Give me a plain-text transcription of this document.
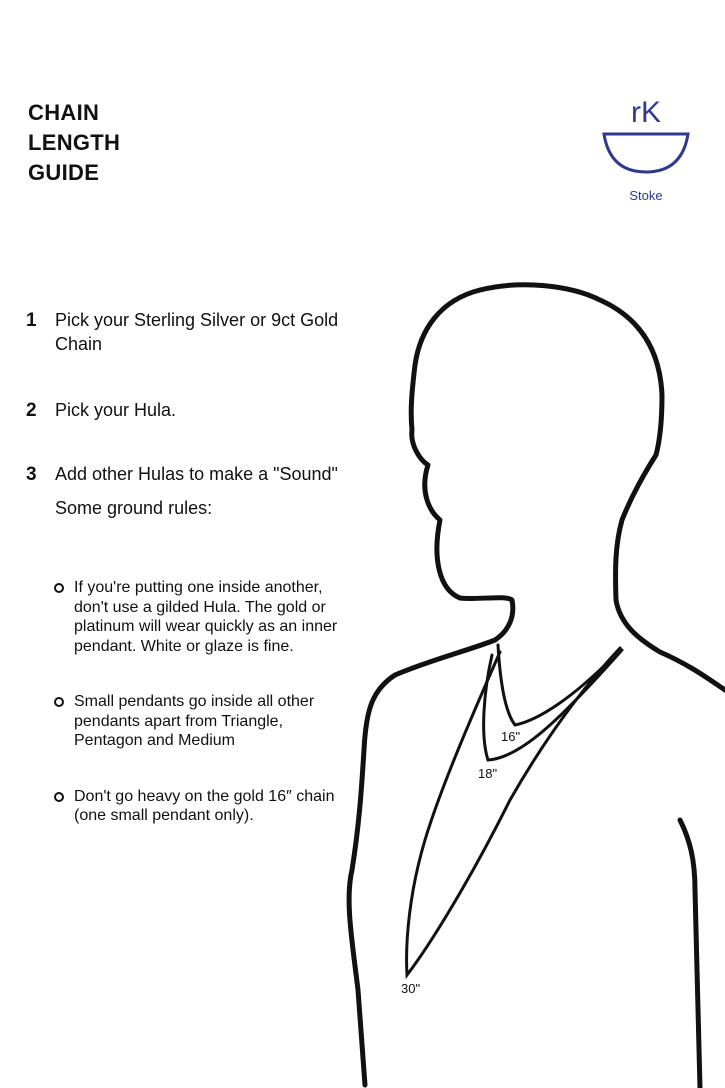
CHAIN
LENGTH
GUIDE
rK
Stoke
1 Pick your Sterling Silver or 9ct Gold Chain
2 Pick your Hula.
3 Add other Hulas to make a "Sound"
Some ground rules:
If you're putting one inside another, don't use a gilded Hula. The gold or platinum will wear quickly as an inner pendant. White or glaze is fine.
Small pendants go inside all other pendants apart from Triangle, Pentagon and Medium
Don't go heavy on the gold 16″ chain (one small pendant only).
16"
18"
30"
